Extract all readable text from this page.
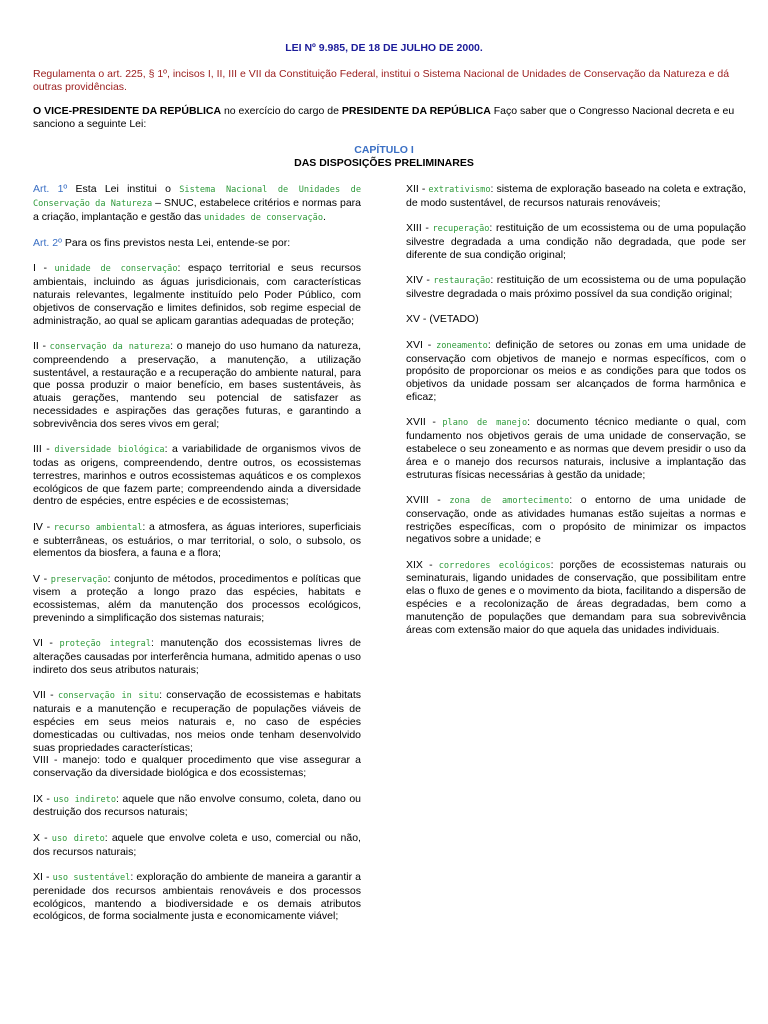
LEI Nº 9.985, DE 18 DE JULHO DE 2000.
Regulamenta o art. 225, § 1º, incisos I, II, III e VII da Constituição Federal, institui o Sistema Nacional de Unidades de Conservação da Natureza e dá outras providências.
O VICE-PRESIDENTE DA REPÚBLICA no exercício do cargo de PRESIDENTE DA REPÚBLICA Faço saber que o Congresso Nacional decreta e eu sanciono a seguinte Lei:
CAPÍTULO I
DAS DISPOSIÇÕES PRELIMINARES

Art. 1º Esta Lei institui o Sistema Nacional de Unidades de Conservação da Natureza – SNUC, estabelece critérios e normas para a criação, implantação e gestão das unidades de conservação.

Art. 2º Para os fins previstos nesta Lei, entende-se por:

I - unidade de conservação: espaço territorial e seus recursos ambientais, incluindo as águas jurisdicionais, com características naturais relevantes, legalmente instituído pelo Poder Público, com objetivos de conservação e limites definidos, sob regime especial de administração, ao qual se aplicam garantias adequadas de proteção;

II - conservação da natureza: o manejo do uso humano da natureza, compreendendo a preservação, a manutenção, a utilização sustentável, a restauração e a recuperação do ambiente natural, para que possa produzir o maior benefício, em bases sustentáveis, às atuais gerações, mantendo seu potencial de satisfazer as necessidades e aspirações das gerações futuras, e garantindo a sobrevivência dos seres vivos em geral;

III - diversidade biológica: a variabilidade de organismos vivos de todas as origens, compreendendo, dentre outros, os ecossistemas terrestres, marinhos e outros ecossistemas aquáticos e os complexos ecológicos de que fazem parte; compreendendo ainda a diversidade dentro de espécies, entre espécies e de ecossistemas;

IV - recurso ambiental: a atmosfera, as águas interiores, superficiais e subterrâneas, os estuários, o mar territorial, o solo, o subsolo, os elementos da biosfera, a fauna e a flora;

V - preservação: conjunto de métodos, procedimentos e políticas que visem a proteção a longo prazo das espécies, habitats e ecossistemas, além da manutenção dos processos ecológicos, prevenindo a simplificação dos sistemas naturais;

VI - proteção integral: manutenção dos ecossistemas livres de alterações causadas por interferência humana, admitido apenas o uso indireto dos seus atributos naturais;

VII - conservação in situ: conservação de ecossistemas e habitats naturais e a manutenção e recuperação de populações viáveis de espécies em seus meios naturais e, no caso de espécies domesticadas ou cultivadas, nos meios onde tenham desenvolvido suas propriedades características;

VIII - manejo: todo e qualquer procedimento que vise assegurar a conservação da diversidade biológica e dos ecossistemas;

IX - uso indireto: aquele que não envolve consumo, coleta, dano ou destruição dos recursos naturais;

X - uso direto: aquele que envolve coleta e uso, comercial ou não, dos recursos naturais;

XI - uso sustentável: exploração do ambiente de maneira a garantir a perenidade dos recursos ambientais renováveis e dos processos ecológicos, mantendo a biodiversidade e os demais atributos ecológicos, de forma socialmente justa e economicamente viável;

XII - extrativismo: sistema de exploração baseado na coleta e extração, de modo sustentável, de recursos naturais renováveis;

XIII - recuperação: restituição de um ecossistema ou de uma população silvestre degradada a uma condição não degradada, que pode ser diferente de sua condição original;

XIV - restauração: restituição de um ecossistema ou de uma população silvestre degradada o mais próximo possível da sua condição original;

XV - (VETADO)

XVI - zoneamento: definição de setores ou zonas em uma unidade de conservação com objetivos de manejo e normas específicos, com o propósito de proporcionar os meios e as condições para que todos os objetivos da unidade possam ser alcançados de forma harmônica e eficaz;

XVII - plano de manejo: documento técnico mediante o qual, com fundamento nos objetivos gerais de uma unidade de conservação, se estabelece o seu zoneamento e as normas que devem presidir o uso da área e o manejo dos recursos naturais, inclusive a implantação das estruturas físicas necessárias à gestão da unidade;

XVIII - zona de amortecimento: o entorno de uma unidade de conservação, onde as atividades humanas estão sujeitas a normas e restrições específicas, com o propósito de minimizar os impactos negativos sobre a unidade; e

XIX - corredores ecológicos: porções de ecossistemas naturais ou seminaturais, ligando unidades de conservação, que possibilitam entre elas o fluxo de genes e o movimento da biota, facilitando a dispersão de espécies e a recolonização de áreas degradadas, bem como a manutenção de populações que demandam para sua sobrevivência áreas com extensão maior do que aquela das unidades individuais.
